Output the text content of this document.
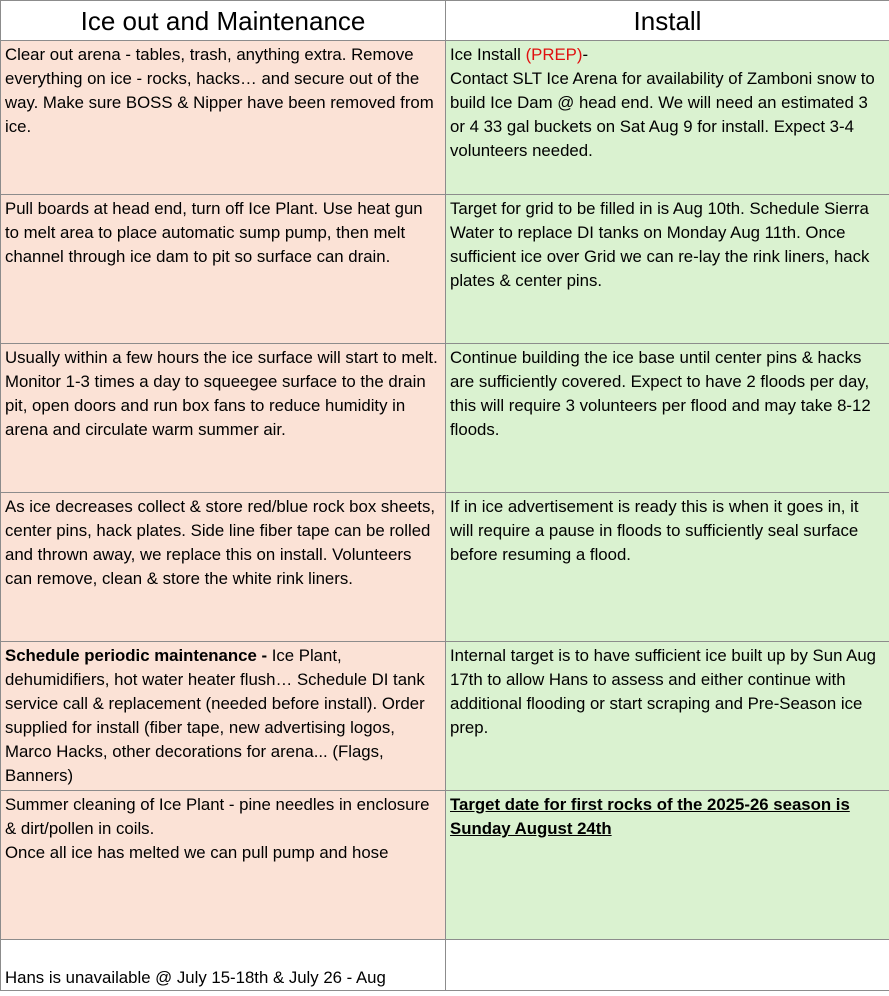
Ice out and Maintenance	Install
Clear out arena - tables, trash, anything extra. Remove everything on ice - rocks, hacks… and secure out of the way. Make sure BOSS & Nipper have been removed from ice.	Ice Install (PREP)-
Contact SLT Ice Arena for availability of Zamboni snow to build Ice Dam @ head end. We will need an estimated 3 or 4 33 gal buckets on Sat Aug 9 for install. Expect 3-4 volunteers needed.
Pull boards at head end, turn off Ice Plant. Use heat gun to melt area to place automatic sump pump, then melt channel through ice dam to pit so surface can drain.	Target for grid to be filled in is Aug 10th. Schedule Sierra Water to replace DI tanks on Monday Aug 11th. Once sufficient ice over Grid we can re-lay the rink liners, hack plates & center pins.
Usually within a few hours the ice surface will start to melt. Monitor 1-3 times a day to squeegee surface to the drain pit, open doors and run box fans to reduce humidity in arena and circulate warm summer air.	Continue building the ice base until center pins & hacks are sufficiently covered. Expect to have 2 floods per day, this will require 3 volunteers per flood and may take 8-12 floods.
As ice decreases collect & store red/blue rock box sheets, center pins, hack plates. Side line fiber tape can be rolled and thrown away, we replace this on install. Volunteers can remove, clean & store the white rink liners.	If in ice advertisement is ready this is when it goes in, it will require a pause in floods to sufficiently seal surface before resuming a flood.
Schedule periodic maintenance - Ice Plant, dehumidifiers, hot water heater flush… Schedule DI tank service call & replacement (needed before install). Order supplied for install (fiber tape, new advertising logos, Marco Hacks, other decorations for arena... (Flags, Banners)	Internal target is to have sufficient ice built up by Sun Aug 17th to allow Hans to assess and either continue with additional flooding or start scraping and Pre-Season ice prep.
Summer cleaning of Ice Plant - pine needles in enclosure & dirt/pollen in coils.
Once all ice has melted we can pull pump and hose	Target date for first rocks of the 2025-26 season is Sunday August 24th
Hans is unavailable @ July 15-18th & July 26 - Aug	
